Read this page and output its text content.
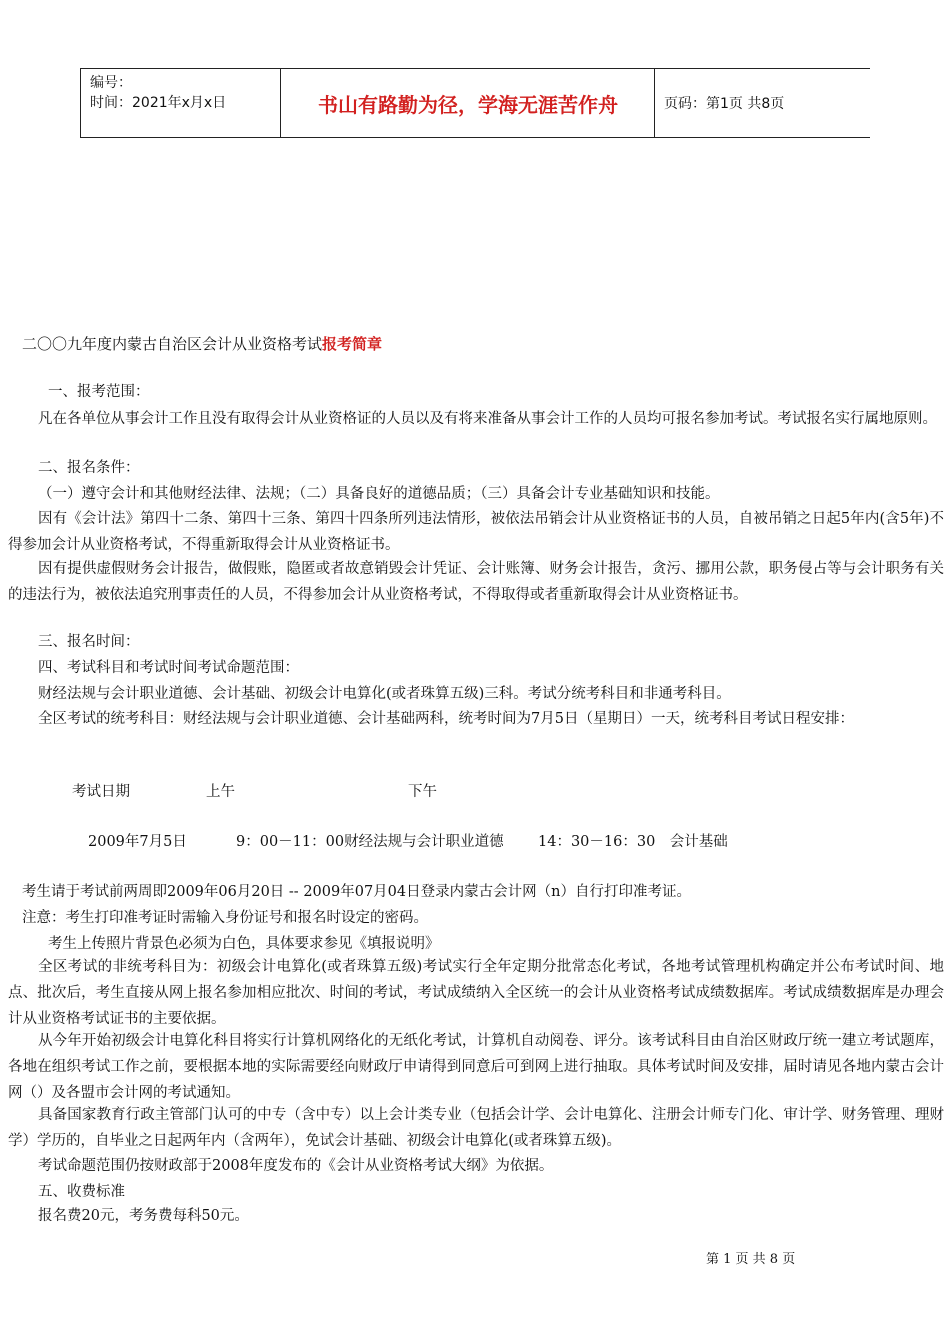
编号：
时间：2021年x月x日	书山有路勤为径，学海无涯苦作舟	页码：第1页 共8页
二〇〇九年度内蒙古自治区会计从业资格考试报考简章
一、报考范围：
凡在各单位从事会计工作且没有取得会计从业资格证的人员以及有将来准备从事会计工作的人员均可报名参加考试。考试报名实行属地原则。
二、报名条件：
（一）遵守会计和其他财经法律、法规；（二）具备良好的道德品质；（三）具备会计专业基础知识和技能。
因有《会计法》第四十二条、第四十三条、第四十四条所列违法情形，被依法吊销会计从业资格证书的人员，自被吊销之日起5年内(含5年)不得参加会计从业资格考试，不得重新取得会计从业资格证书。
因有提供虚假财务会计报告，做假账，隐匿或者故意销毁会计凭证、会计账簿、财务会计报告，贪污、挪用公款，职务侵占等与会计职务有关的违法行为，被依法追究刑事责任的人员，不得参加会计从业资格考试，不得取得或者重新取得会计从业资格证书。
三、报名时间：
四、考试科目和考试时间考试命题范围：
财经法规与会计职业道德、会计基础、初级会计电算化(或者珠算五级)三科。考试分统考科目和非通考科目。
全区考试的统考科目：财经法规与会计职业道德、会计基础两科，统考时间为7月5日（星期日）一天，统考科目考试日程安排：
考试日期	上午	下午
2009年7月5日	9：00－11：00财经法规与会计职业道德 14：30－16：30　会计基础
考生请于考试前两周即2009年06月20日 -- 2009年07月04日登录内蒙古会计网（n）自行打印准考证。
注意：考生打印准考证时需输入身份证号和报名时设定的密码。
考生上传照片背景色必须为白色，具体要求参见《填报说明》
全区考试的非统考科目为：初级会计电算化(或者珠算五级)考试实行全年定期分批常态化考试，各地考试管理机构确定并公布考试时间、地点、批次后，考生直接从网上报名参加相应批次、时间的考试，考试成绩纳入全区统一的会计从业资格考试成绩数据库。考试成绩数据库是办理会计从业资格考试证书的主要依据。
从今年开始初级会计电算化科目将实行计算机网络化的无纸化考试，计算机自动阅卷、评分。该考试科目由自治区财政厅统一建立考试题库，各地在组织考试工作之前，要根据本地的实际需要经向财政厅申请得到同意后可到网上进行抽取。具体考试时间及安排，届时请见各地内蒙古会计网（）及各盟市会计网的考试通知。
具备国家教育行政主管部门认可的中专（含中专）以上会计类专业（包括会计学、会计电算化、注册会计师专门化、审计学、财务管理、理财学）学历的，自毕业之日起两年内（含两年），免试会计基础、初级会计电算化(或者珠算五级)。
考试命题范围仍按财政部于2008年度发布的《会计从业资格考试大纲》为依据。
五、收费标准
报名费20元，考务费每科50元。
第 1 页 共 8 页
